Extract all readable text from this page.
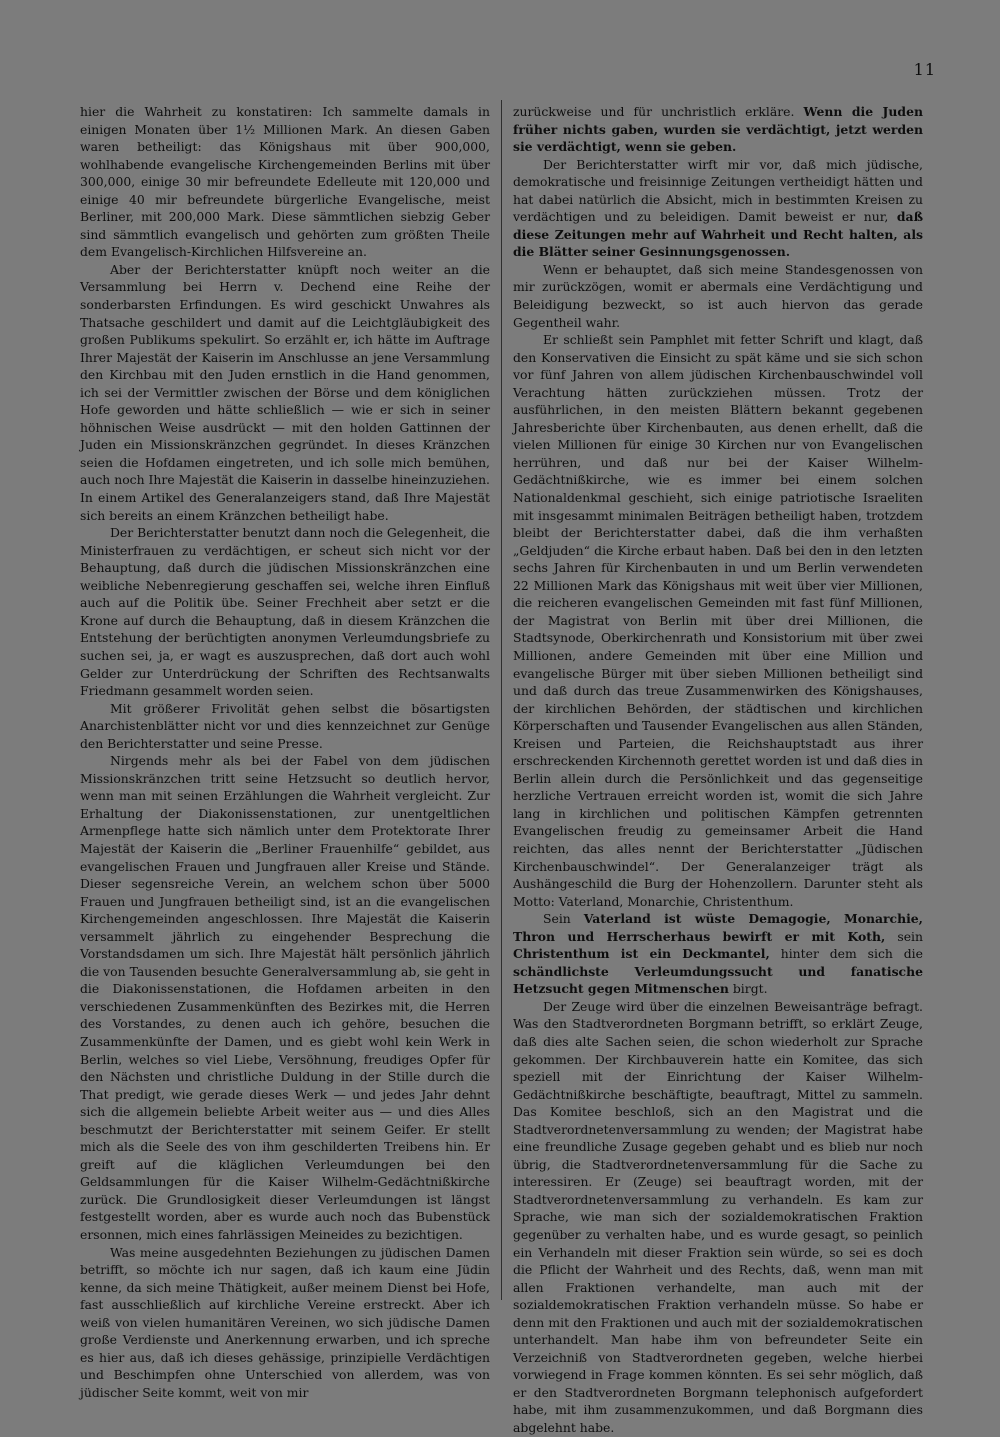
11

hier die Wahrheit zu konstatiren: Ich sammelte damals in einigen Monaten über 1½ Millionen Mark. An diesen Gaben waren betheiligt: das Königshaus mit über 900,000, wohlhabende evangelische Kirchengemeinden Berlins mit über 300,000, einige 30 mir befreundete Edelleute mit 120,000 und einige 40 mir befreundete bürgerliche Evangelische, meist Berliner, mit 200,000 Mark. Diese sämmtlichen siebzig Geber sind sämmtlich evangelisch und gehörten zum größten Theile dem Evangelisch-Kirchlichen Hilfsvereine an.

Aber der Berichterstatter knüpft noch weiter an die Versammlung bei Herrn v. Dechend eine Reihe der sonderbarsten Erfindungen. Es wird geschickt Unwahres als Thatsache geschildert und damit auf die Leichtgläubigkeit des großen Publikums spekulirt. So erzählt er, ich hätte im Auftrage Ihrer Majestät der Kaiserin im Anschlusse an jene Versammlung den Kirchbau mit den Juden ernstlich in die Hand genommen, ich sei der Vermittler zwischen der Börse und dem königlichen Hofe geworden und hätte schließlich — wie er sich in seiner höhnischen Weise ausdrückt — mit den holden Gattinnen der Juden ein Missionskränzchen gegründet. In dieses Kränzchen seien die Hofdamen eingetreten, und ich solle mich bemühen, auch noch Ihre Majestät die Kaiserin in dasselbe hineinzuziehen. In einem Artikel des Generalanzeigers stand, daß Ihre Majestät sich bereits an einem Kränzchen betheiligt habe.

Der Berichterstatter benutzt dann noch die Gelegenheit, die Ministerfrauen zu verdächtigen, er scheut sich nicht vor der Behauptung, daß durch die jüdischen Missionskränzchen eine weibliche Nebenregierung geschaffen sei, welche ihren Einfluß auch auf die Politik übe. Seiner Frechheit aber setzt er die Krone auf durch die Behauptung, daß in diesem Kränzchen die Entstehung der berüchtigten anonymen Verleumdungsbriefe zu suchen sei, ja, er wagt es auszusprechen, daß dort auch wohl Gelder zur Unterdrückung der Schriften des Rechtsanwalts Friedmann gesammelt worden seien.

Mit größerer Frivolität gehen selbst die bösartigsten Anarchistenblätter nicht vor und dies kennzeichnet zur Genüge den Berichterstatter und seine Presse.

Nirgends mehr als bei der Fabel von dem jüdischen Missionskränzchen tritt seine Hetzsucht so deutlich hervor, wenn man mit seinen Erzählungen die Wahrheit vergleicht. Zur Erhaltung der Diakonissenstationen, zur unentgeltlichen Armenpflege hatte sich nämlich unter dem Protektorate Ihrer Majestät der Kaiserin die „Berliner Frauenhilfe“ gebildet, aus evangelischen Frauen und Jungfrauen aller Kreise und Stände. Dieser segensreiche Verein, an welchem schon über 5000 Frauen und Jungfrauen betheiligt sind, ist an die evangelischen Kirchengemeinden angeschlossen. Ihre Majestät die Kaiserin versammelt jährlich zu eingehender Besprechung die Vorstandsdamen um sich. Ihre Majestät hält persönlich jährlich die von Tausenden besuchte Generalversammlung ab, sie geht in die Diakonissenstationen, die Hofdamen arbeiten in den verschiedenen Zusammenkünften des Bezirkes mit, die Herren des Vorstandes, zu denen auch ich gehöre, besuchen die Zusammenkünfte der Damen, und es giebt wohl kein Werk in Berlin, welches so viel Liebe, Versöhnung, freudiges Opfer für den Nächsten und christliche Duldung in der Stille durch die That predigt, wie gerade dieses Werk — und jedes Jahr dehnt sich die allgemein beliebte Arbeit weiter aus — und dies Alles beschmutzt der Berichterstatter mit seinem Geifer. Er stellt mich als die Seele des von ihm geschilderten Treibens hin. Er greift auf die kläglichen Verleumdungen bei den Geldsammlungen für die Kaiser Wilhelm-Gedächtnißkirche zurück. Die Grundlosigkeit dieser Verleumdungen ist längst festgestellt worden, aber es wurde auch noch das Bubenstück ersonnen, mich eines fahrlässigen Meineides zu bezichtigen.

Was meine ausgedehnten Beziehungen zu jüdischen Damen betrifft, so möchte ich nur sagen, daß ich kaum eine Jüdin kenne, da sich meine Thätigkeit, außer meinem Dienst bei Hofe, fast ausschließlich auf kirchliche Vereine erstreckt. Aber ich weiß von vielen humanitären Vereinen, wo sich jüdische Damen große Verdienste und Anerkennung erwarben, und ich spreche es hier aus, daß ich dieses gehässige, prinzipielle Verdächtigen und Beschimpfen ohne Unterschied von allerdem, was von jüdischer Seite kommt, weit von mir

zurückweise und für unchristlich erkläre. Wenn die Juden früher nichts gaben, wurden sie verdächtigt, jetzt werden sie verdächtigt, wenn sie geben.

Der Berichterstatter wirft mir vor, daß mich jüdische, demokratische und freisinnige Zeitungen vertheidigt hätten und hat dabei natürlich die Absicht, mich in bestimmten Kreisen zu verdächtigen und zu beleidigen. Damit beweist er nur, daß diese Zeitungen mehr auf Wahrheit und Recht halten, als die Blätter seiner Gesinnungsgenossen.

Wenn er behauptet, daß sich meine Standesgenossen von mir zurückzögen, womit er abermals eine Verdächtigung und Beleidigung bezweckt, so ist auch hiervon das gerade Gegentheil wahr.

Er schließt sein Pamphlet mit fetter Schrift und klagt, daß den Konservativen die Einsicht zu spät käme und sie sich schon vor fünf Jahren von allem jüdischen Kirchenbauschwindel voll Verachtung hätten zurückziehen müssen. Trotz der ausführlichen, in den meisten Blättern bekannt gegebenen Jahresberichte über Kirchenbauten, aus denen erhellt, daß die vielen Millionen für einige 30 Kirchen nur von Evangelischen herrühren, und daß nur bei der Kaiser Wilhelm-Gedächtnißkirche, wie es immer bei einem solchen Nationaldenkmal geschieht, sich einige patriotische Israeliten mit insgesammt minimalen Beiträgen betheiligt haben, trotzdem bleibt der Berichterstatter dabei, daß die ihm verhaßten „Geldjuden“ die Kirche erbaut haben. Daß bei den in den letzten sechs Jahren für Kirchenbauten in und um Berlin verwendeten 22 Millionen Mark das Königshaus mit weit über vier Millionen, die reicheren evangelischen Gemeinden mit fast fünf Millionen, der Magistrat von Berlin mit über drei Millionen, die Stadtsynode, Oberkirchenrath und Konsistorium mit über zwei Millionen, andere Gemeinden mit über eine Million und evangelische Bürger mit über sieben Millionen betheiligt sind und daß durch das treue Zusammenwirken des Königshauses, der kirchlichen Behörden, der städtischen und kirchlichen Körperschaften und Tausender Evangelischen aus allen Ständen, Kreisen und Parteien, die Reichshauptstadt aus ihrer erschreckenden Kirchennoth gerettet worden ist und daß dies in Berlin allein durch die Persönlichkeit und das gegenseitige herzliche Vertrauen erreicht worden ist, womit die sich Jahre lang in kirchlichen und politischen Kämpfen getrennten Evangelischen freudig zu gemeinsamer Arbeit die Hand reichten, das alles nennt der Berichterstatter „Jüdischen Kirchenbauschwindel“. Der Generalanzeiger trägt als Aushängeschild die Burg der Hohenzollern. Darunter steht als Motto: Vaterland, Monarchie, Christenthum.

Sein Vaterland ist wüste Demagogie, Monarchie, Thron und Herrscherhaus bewirft er mit Koth, sein Christenthum ist ein Deckmantel, hinter dem sich die schändlichste Verleumdungssucht und fanatische Hetzsucht gegen Mitmenschen birgt.

Der Zeuge wird über die einzelnen Beweisanträge befragt. Was den Stadtverordneten Borgmann betrifft, so erklärt Zeuge, daß dies alte Sachen seien, die schon wiederholt zur Sprache gekommen. Der Kirchbauverein hatte ein Komitee, das sich speziell mit der Einrichtung der Kaiser Wilhelm-Gedächtnißkirche beschäftigte, beauftragt, Mittel zu sammeln. Das Komitee beschloß, sich an den Magistrat und die Stadtverordnetenversammlung zu wenden; der Magistrat habe eine freundliche Zusage gegeben gehabt und es blieb nur noch übrig, die Stadtverordnetenversammlung für die Sache zu interessiren. Er (Zeuge) sei beauftragt worden, mit der Stadtverordnetenversammlung zu verhandeln. Es kam zur Sprache, wie man sich der sozialdemokratischen Fraktion gegenüber zu verhalten habe, und es wurde gesagt, so peinlich ein Verhandeln mit dieser Fraktion sein würde, so sei es doch die Pflicht der Wahrheit und des Rechts, daß, wenn man mit allen Fraktionen verhandelte, man auch mit der sozialdemokratischen Fraktion verhandeln müsse. So habe er denn mit den Fraktionen und auch mit der sozialdemokratischen unterhandelt. Man habe ihm von befreundeter Seite ein Verzeichniß von Stadtverordneten gegeben, welche hierbei vorwiegend in Frage kommen könnten. Es sei sehr möglich, daß er den Stadtverordneten Borgmann telephonisch aufgefordert habe, mit ihm zusammenzukommen, und daß Borgmann dies abgelehnt habe.
